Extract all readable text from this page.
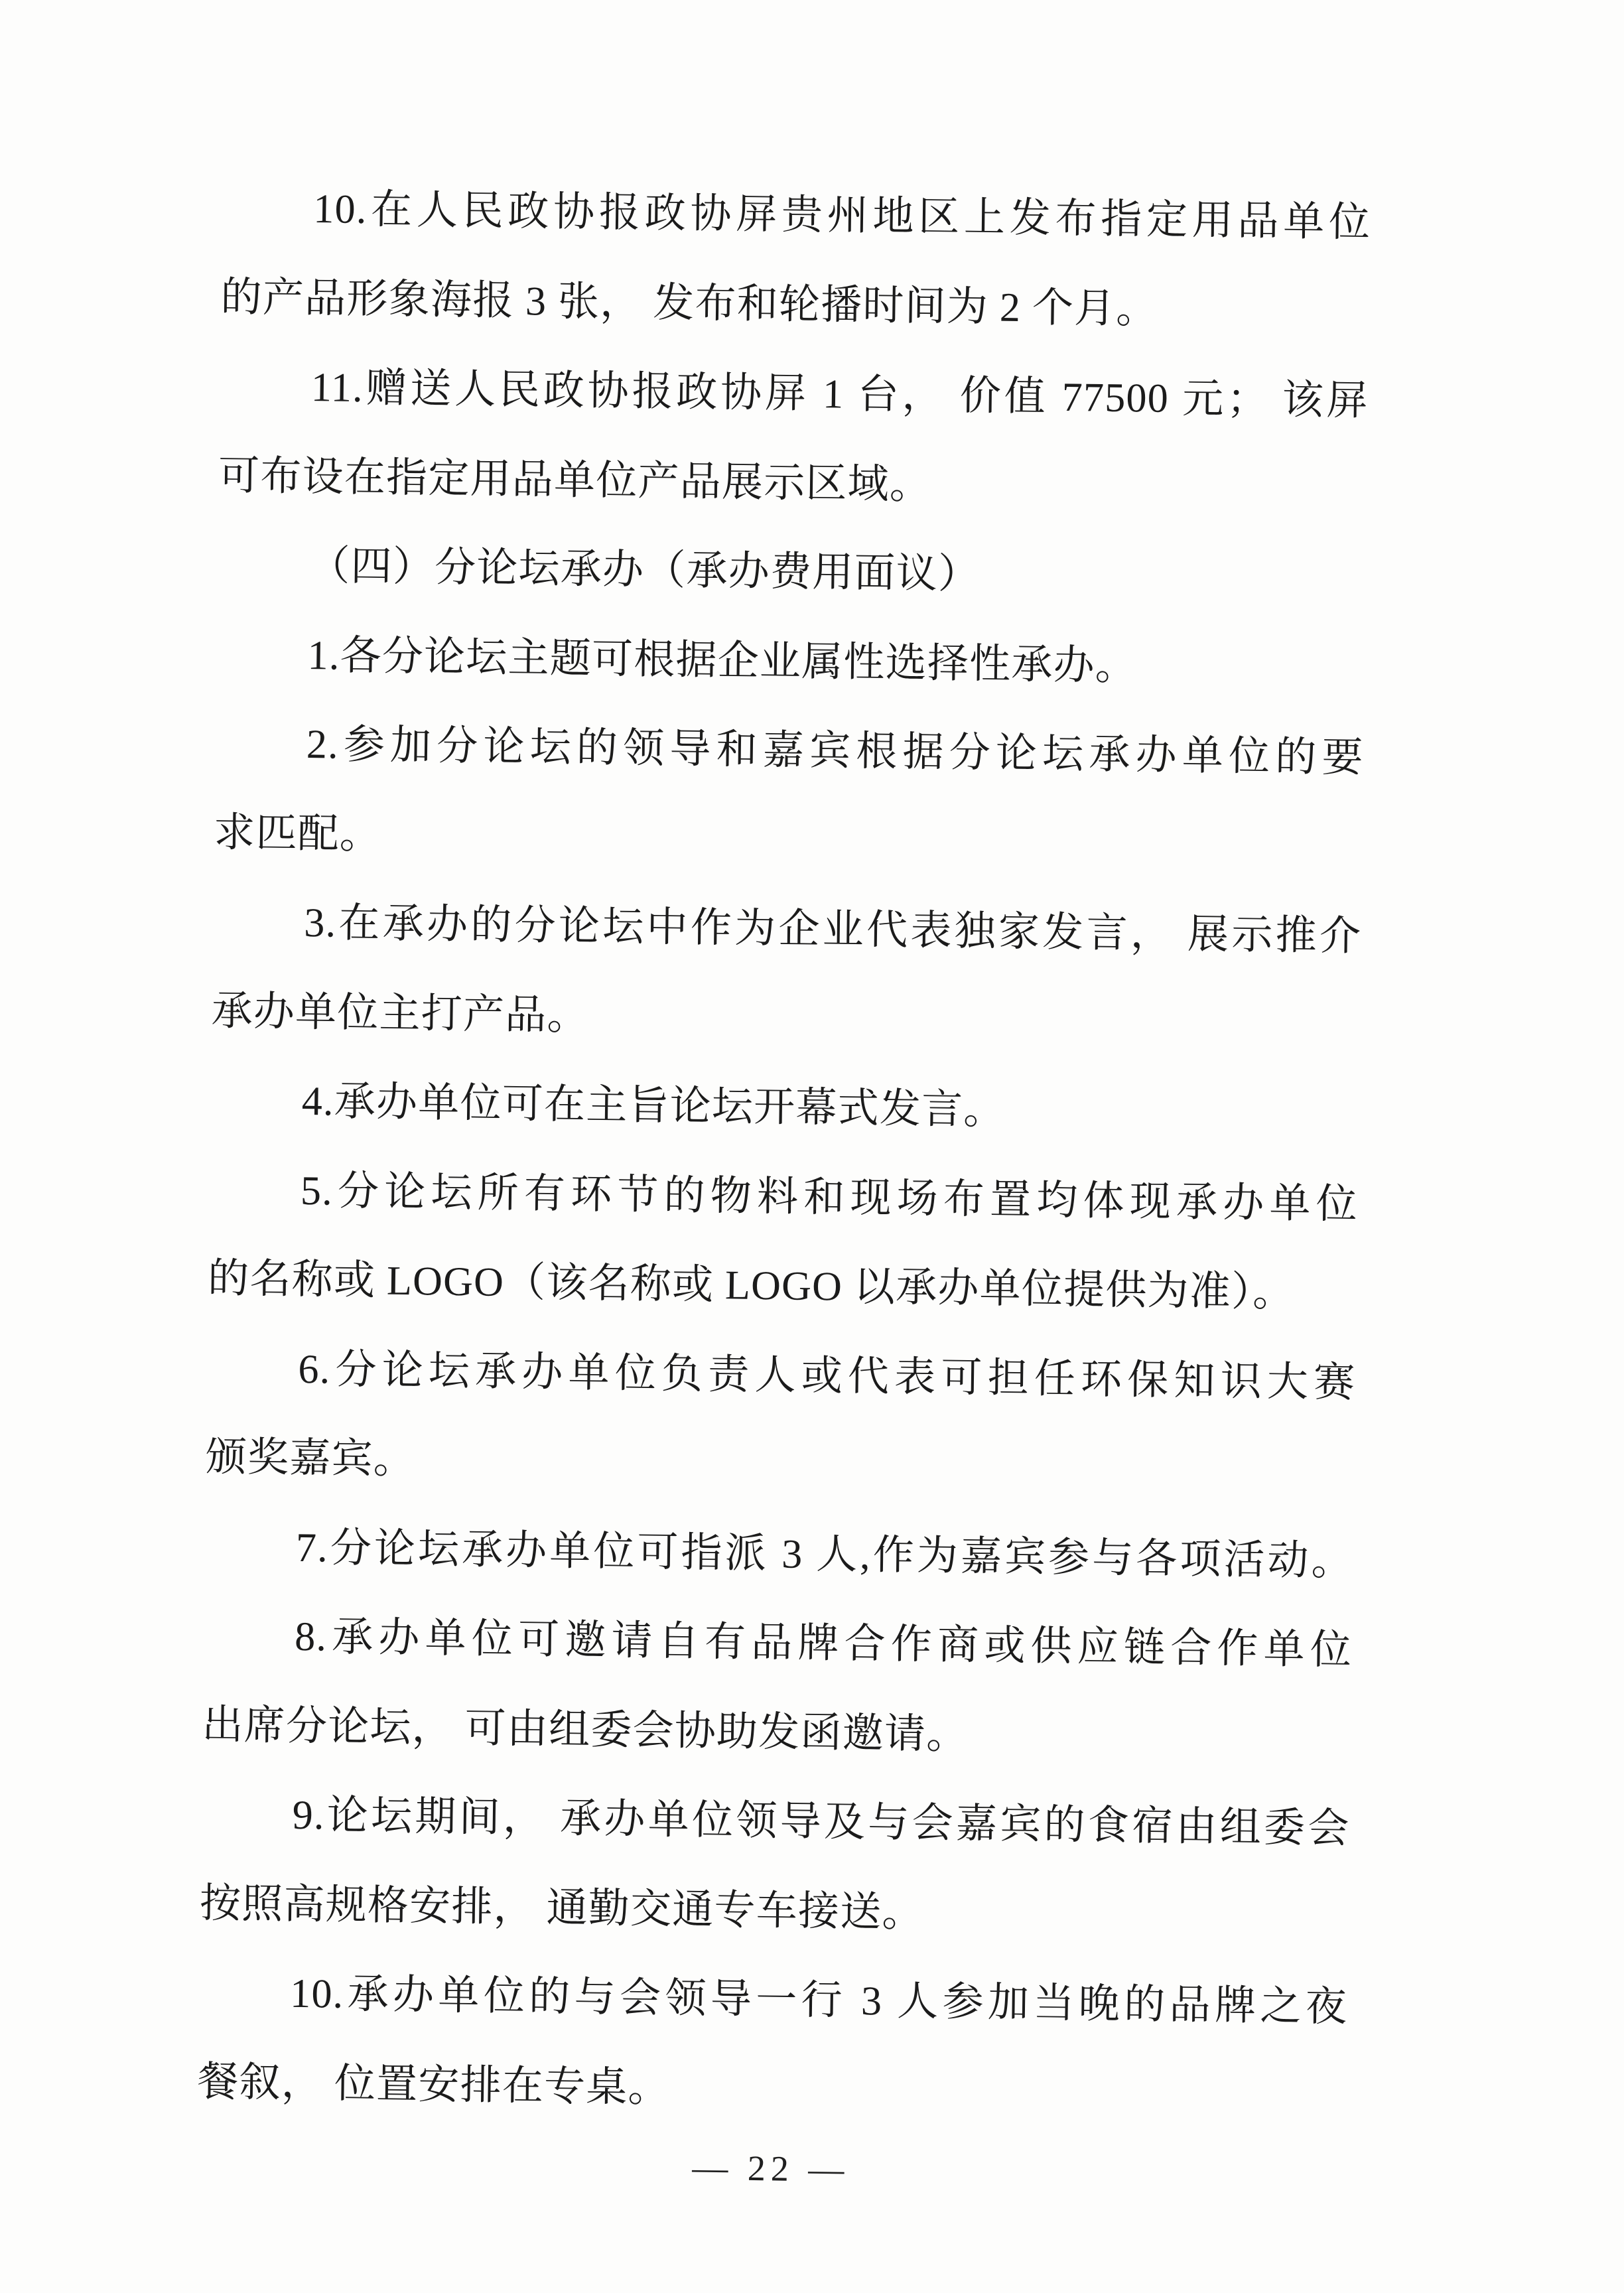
10.在人民政协报政协屏贵州地区上发布指定用品单位

的产品形象海报 3 张， 发布和轮播时间为 2 个月。

11.赠送人民政协报政协屏 1 台， 价值 77500 元； 该屏

可布设在指定用品单位产品展示区域。

（四）分论坛承办（承办费用面议）

1.各分论坛主题可根据企业属性选择性承办。

2.参加分论坛的领导和嘉宾根据分论坛承办单位的要

求匹配。

3.在承办的分论坛中作为企业代表独家发言， 展示推介

承办单位主打产品。

4.承办单位可在主旨论坛开幕式发言。

5.分论坛所有环节的物料和现场布置均体现承办单位

的名称或 LOGO（该名称或 LOGO 以承办单位提供为准）。

6.分论坛承办单位负责人或代表可担任环保知识大赛

颁奖嘉宾。

7.分论坛承办单位可指派 3 人,作为嘉宾参与各项活动。

8.承办单位可邀请自有品牌合作商或供应链合作单位

出席分论坛， 可由组委会协助发函邀请。

9.论坛期间， 承办单位领导及与会嘉宾的食宿由组委会

按照高规格安排， 通勤交通专车接送。

10.承办单位的与会领导一行 3 人参加当晚的品牌之夜

餐叙， 位置安排在专桌。

— 22 —
